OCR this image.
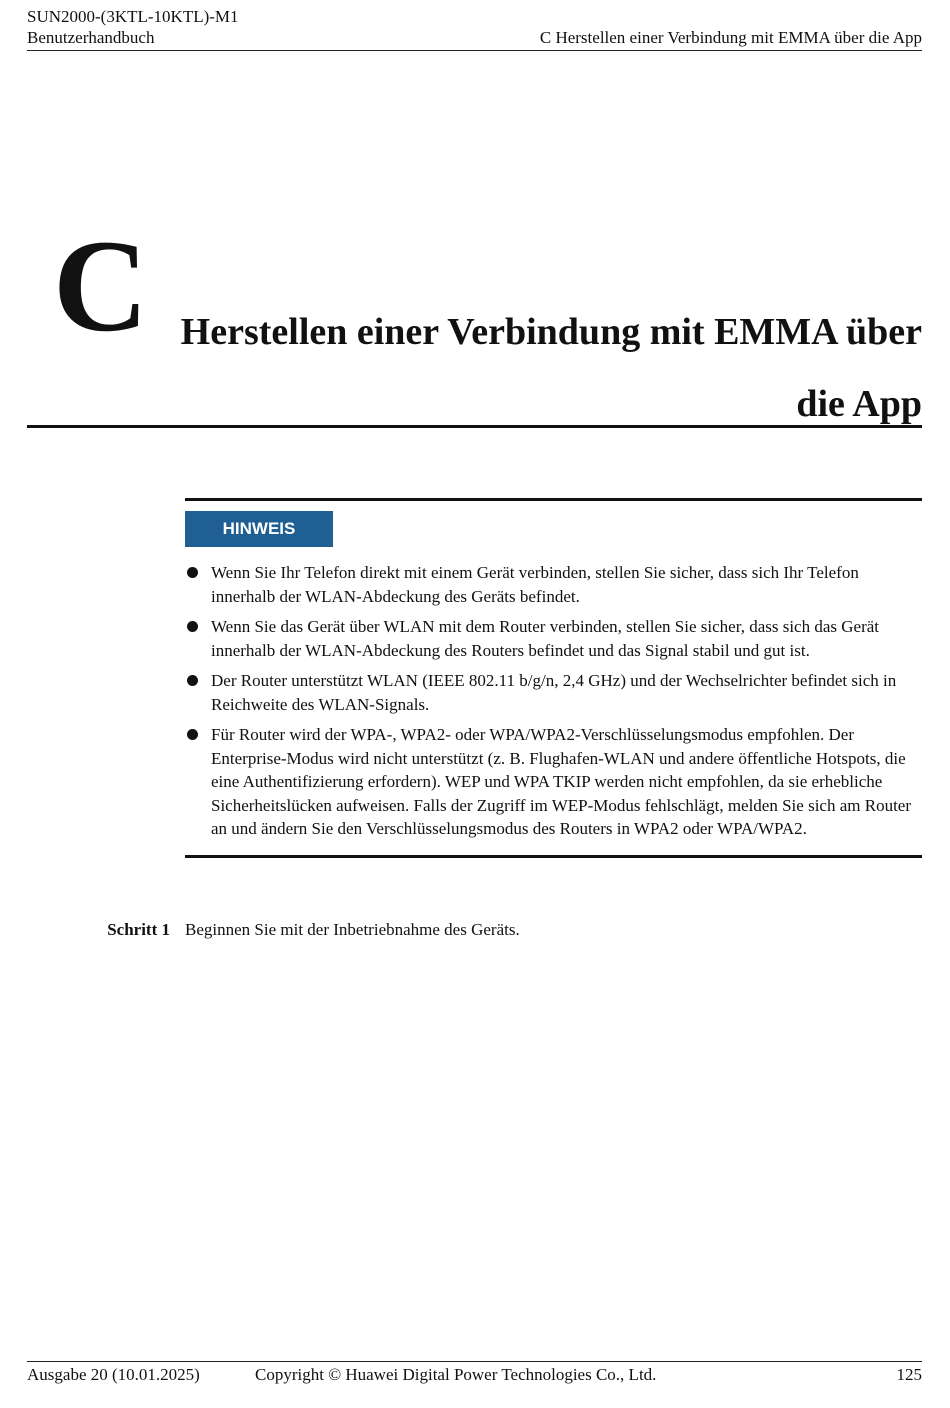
SUN2000-(3KTL-10KTL)-M1
Benutzerhandbuch	C Herstellen einer Verbindung mit EMMA über die App
C Herstellen einer Verbindung mit EMMA über die App
HINWEIS
Wenn Sie Ihr Telefon direkt mit einem Gerät verbinden, stellen Sie sicher, dass sich Ihr Telefon innerhalb der WLAN-Abdeckung des Geräts befindet.
Wenn Sie das Gerät über WLAN mit dem Router verbinden, stellen Sie sicher, dass sich das Gerät innerhalb der WLAN-Abdeckung des Routers befindet und das Signal stabil und gut ist.
Der Router unterstützt WLAN (IEEE 802.11 b/g/n, 2,4 GHz) und der Wechselrichter befindet sich in Reichweite des WLAN-Signals.
Für Router wird der WPA-, WPA2- oder WPA/WPA2-Verschlüsselungsmodus empfohlen. Der Enterprise-Modus wird nicht unterstützt (z. B. Flughafen-WLAN und andere öffentliche Hotspots, die eine Authentifizierung erfordern). WEP und WPA TKIP werden nicht empfohlen, da sie erhebliche Sicherheitslücken aufweisen. Falls der Zugriff im WEP-Modus fehlschlägt, melden Sie sich am Router an und ändern Sie den Verschlüsselungsmodus des Routers in WPA2 oder WPA/WPA2.
Schritt 1 Beginnen Sie mit der Inbetriebnahme des Geräts.
Ausgabe 20 (10.01.2025)	Copyright © Huawei Digital Power Technologies Co., Ltd.	125
